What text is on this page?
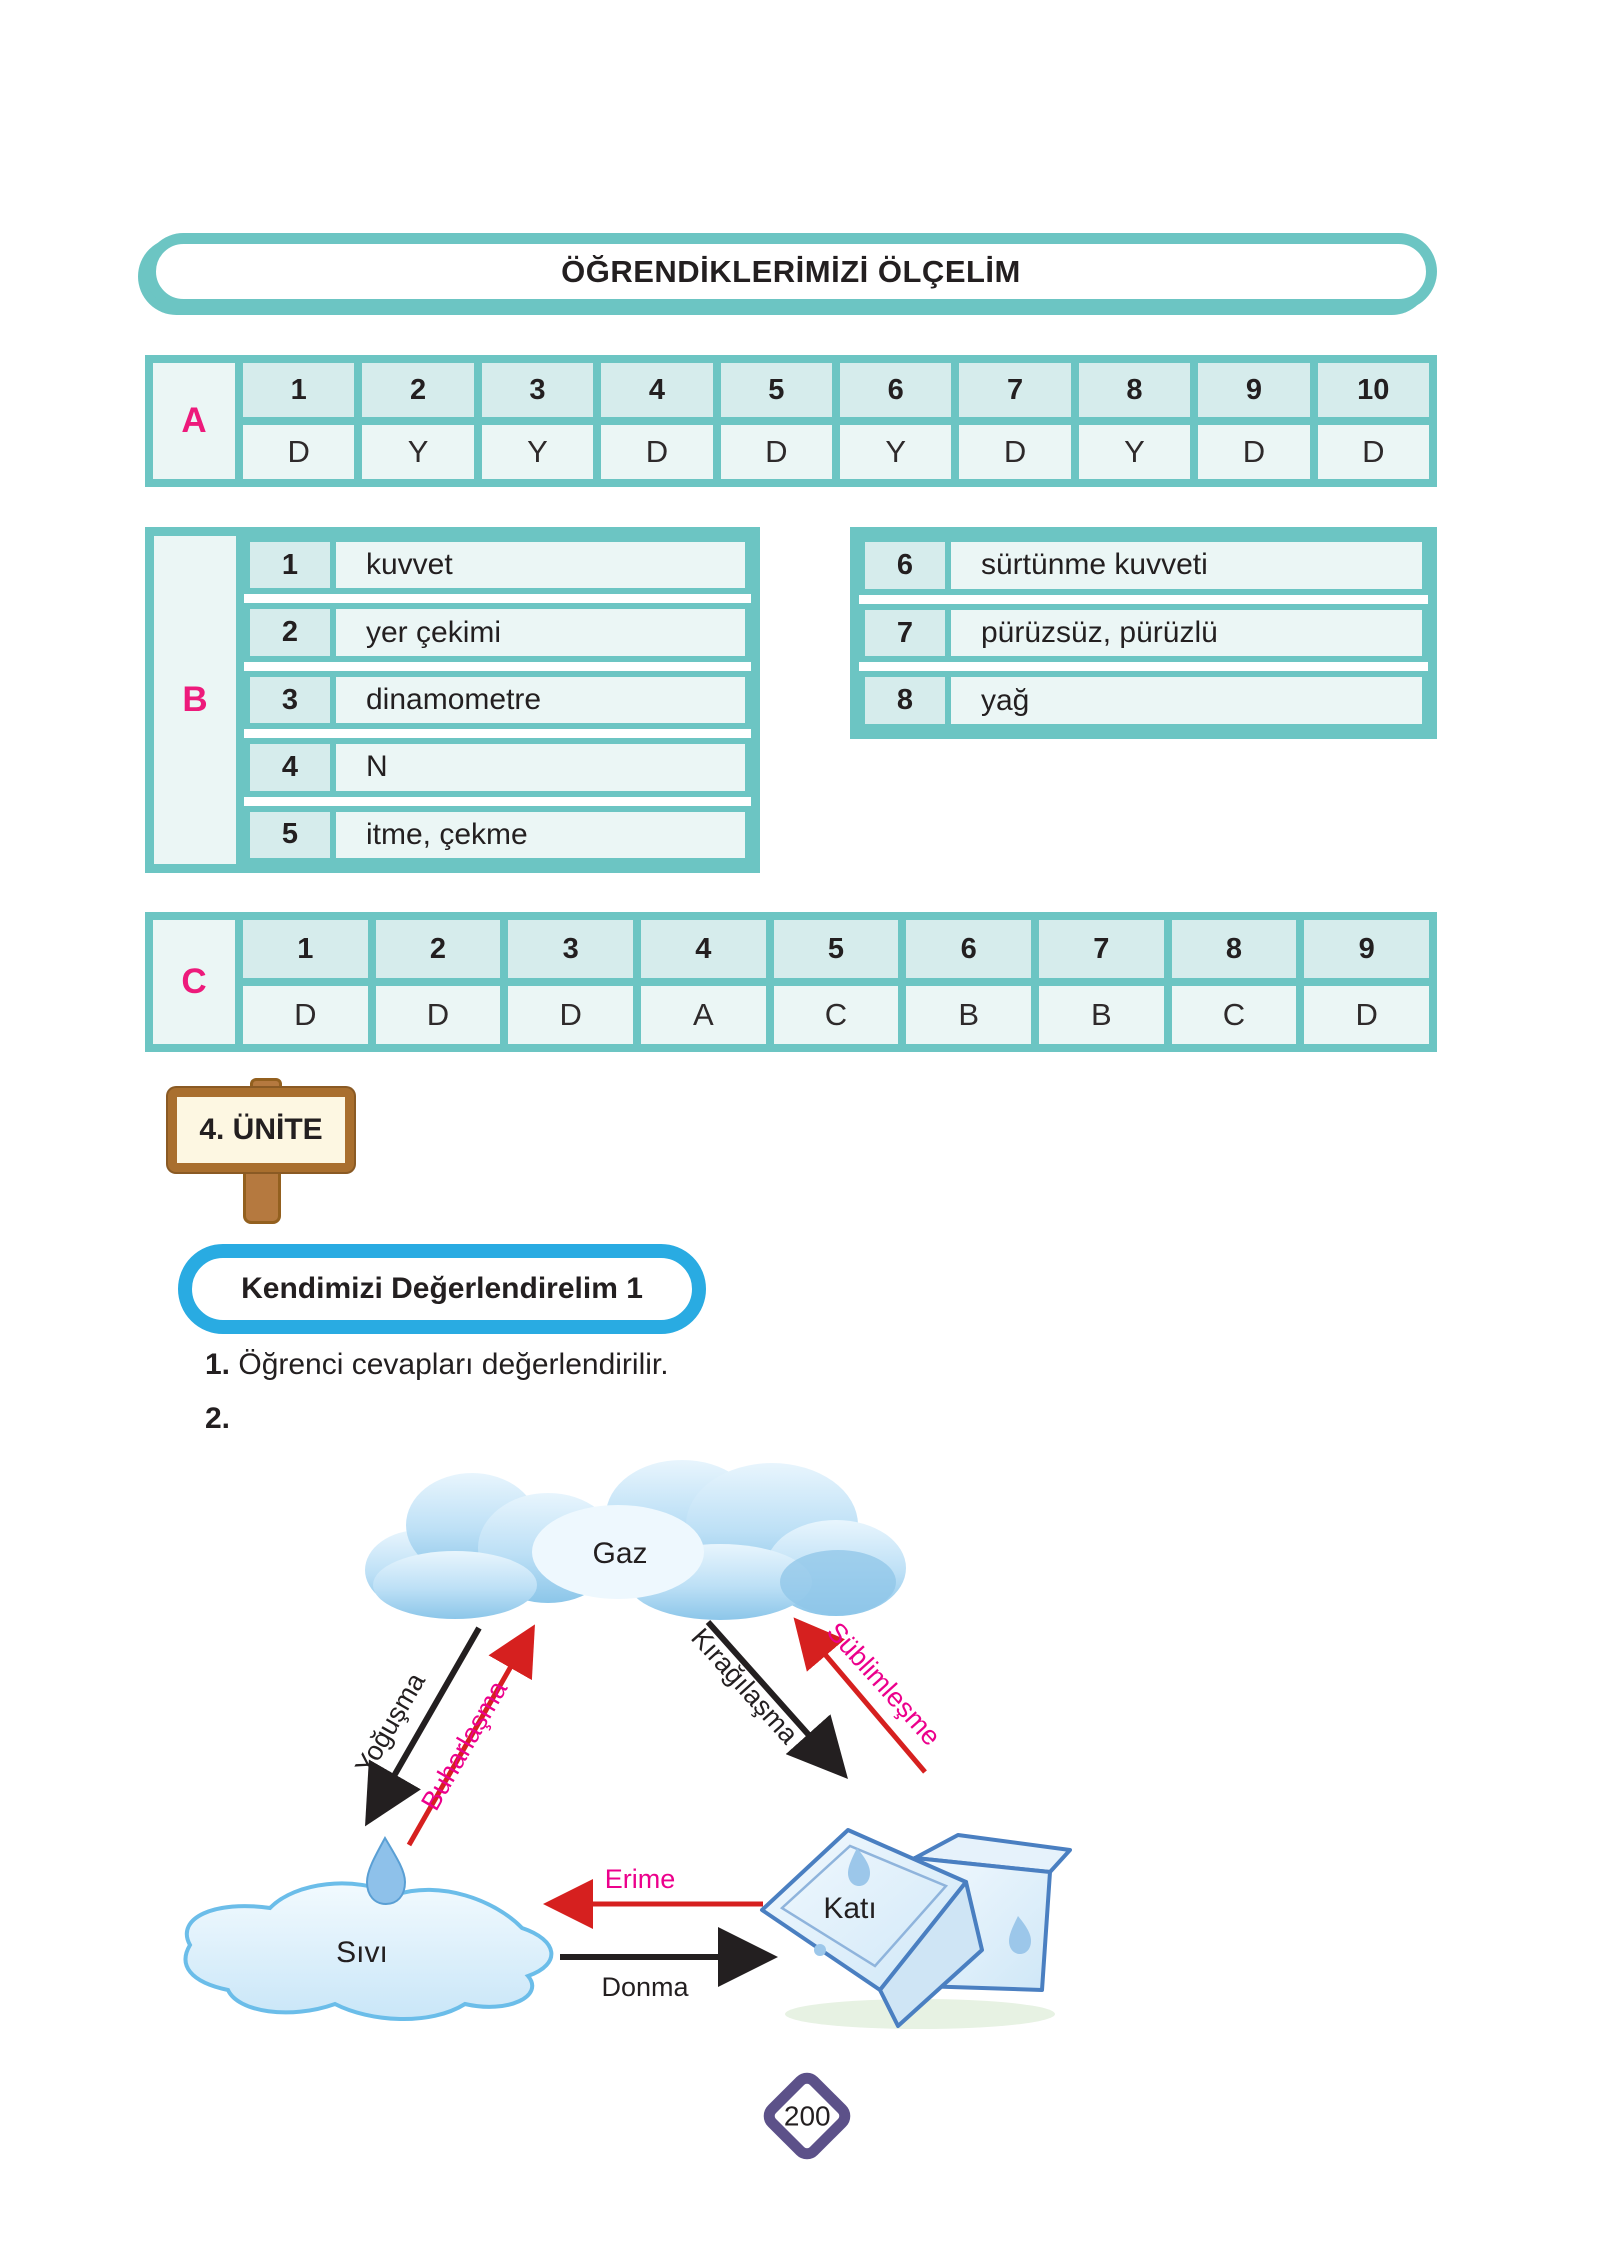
ÖĞRENDİKLERİMİZİ ÖLÇELİM
A
1	2	3	4	5	6	7	8	9	10
D	Y	Y	D	D	Y	D	Y	D	D
B
1	kuvvet
2	yer çekimi
3	dinamometre
4	N
5	itme, çekme
6	sürtünme kuvveti
7	pürüzsüz, pürüzlü
8	yağ
C
1	2	3	4	5	6	7	8	9
D	D	D	A	C	B	B	C	D
4. ÜNİTE
Kendimizi Değerlendirelim 1
1. Öğrenci cevapları değerlendirilir.
2.
Gaz
Yoğuşma
Buharlaşma	Kırağılaşma Süblimleşme
Erime
Donma
Sıvı
Katı
200
